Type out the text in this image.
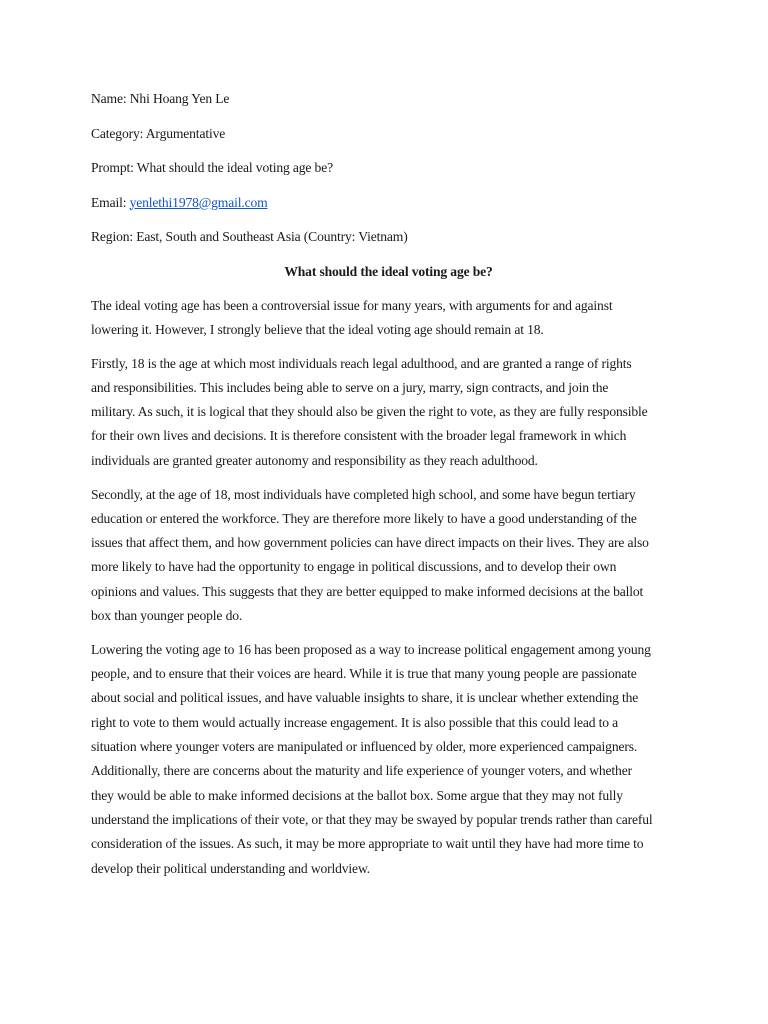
Name: Nhi Hoang Yen Le
Category: Argumentative
Prompt: What should the ideal voting age be?
Email: yenlethi1978@gmail.com
Region: East, South and Southeast Asia (Country: Vietnam)
What should the ideal voting age be?
The ideal voting age has been a controversial issue for many years, with arguments for and against
lowering it. However, I strongly believe that the ideal voting age should remain at 18.
Firstly, 18 is the age at which most individuals reach legal adulthood, and are granted a range of rights
and responsibilities. This includes being able to serve on a jury, marry, sign contracts, and join the
military. As such, it is logical that they should also be given the right to vote, as they are fully responsible
for their own lives and decisions. It is therefore consistent with the broader legal framework in which
individuals are granted greater autonomy and responsibility as they reach adulthood.
Secondly, at the age of 18, most individuals have completed high school, and some have begun tertiary
education or entered the workforce. They are therefore more likely to have a good understanding of the
issues that affect them, and how government policies can have direct impacts on their lives. They are also
more likely to have had the opportunity to engage in political discussions, and to develop their own
opinions and values. This suggests that they are better equipped to make informed decisions at the ballot
box than younger people do.
Lowering the voting age to 16 has been proposed as a way to increase political engagement among young
people, and to ensure that their voices are heard. While it is true that many young people are passionate
about social and political issues, and have valuable insights to share, it is unclear whether extending the
right to vote to them would actually increase engagement. It is also possible that this could lead to a
situation where younger voters are manipulated or influenced by older, more experienced campaigners.
Additionally, there are concerns about the maturity and life experience of younger voters, and whether
they would be able to make informed decisions at the ballot box. Some argue that they may not fully
understand the implications of their vote, or that they may be swayed by popular trends rather than careful
consideration of the issues. As such, it may be more appropriate to wait until they have had more time to
develop their political understanding and worldview.
